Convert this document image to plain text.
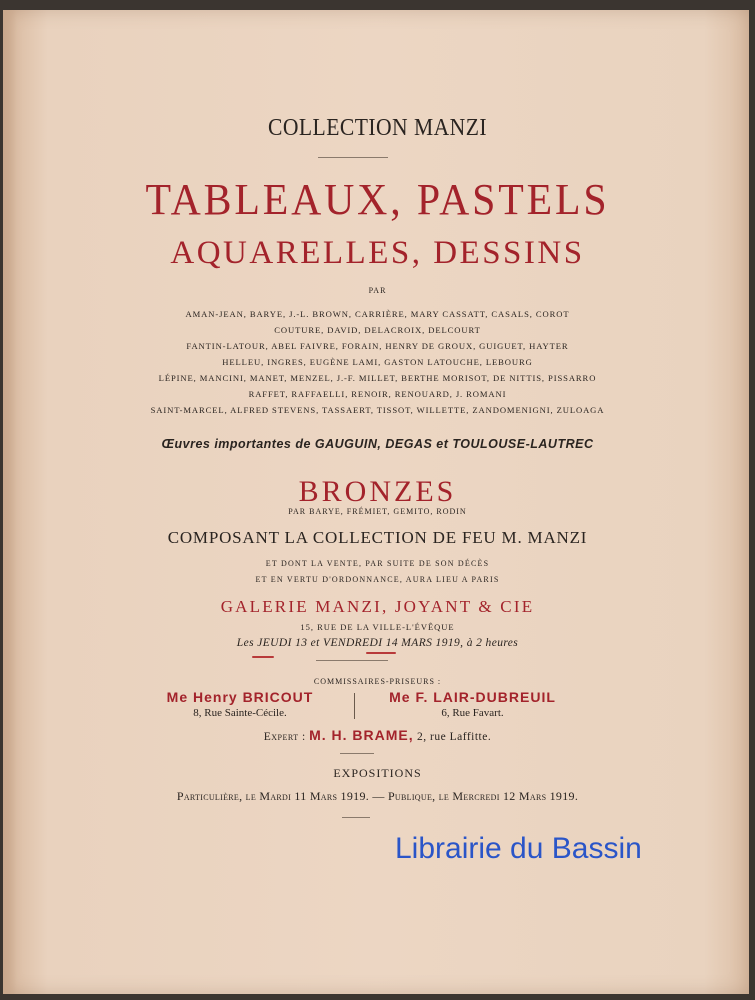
COLLECTION MANZI
TABLEAUX, PASTELS
AQUARELLES, DESSINS
PAR
AMAN-JEAN, BARYE, J.-L. BROWN, CARRIÈRE, MARY CASSATT, CASALS, COROT
COUTURE, DAVID, DELACROIX, DELCOURT
FANTIN-LATOUR, ABEL FAIVRE, FORAIN, HENRY DE GROUX, GUIGUET, HAYTER
HELLEU, INGRES, EUGÈNE LAMI, GASTON LATOUCHE, LEBOURG
LÉPINE, MANCINI, MANET, MENZEL, J.-F. MILLET, BERTHE MORISOT, DE NITTIS, PISSARRO
RAFFET, RAFFAELLI, RENOIR, RENOUARD, J. ROMANI
SAINT-MARCEL, ALFRED STEVENS, TASSAERT, TISSOT, WILLETTE, ZANDOMENIGNI, ZULOAGA
Œuvres importantes de GAUGUIN, DEGAS et TOULOUSE-LAUTREC
BRONZES
PAR BARYE, FRÉMIET, GEMITO, RODIN
COMPOSANT LA COLLECTION DE FEU M. MANZI
ET DONT LA VENTE, PAR SUITE DE SON DÉCÈS
ET EN VERTU D'ORDONNANCE, AURA LIEU A PARIS
GALERIE MANZI, JOYANT & CIE
15, RUE DE LA VILLE-L'ÉVÊQUE
Les JEUDI 13 et VENDREDI 14 MARS 1919, à 2 heures
COMMISSAIRES-PRISEURS :
Me Henry BRICOUT
8, Rue Sainte-Cécile.
Me F. LAIR-DUBREUIL
6, Rue Favart.
Expert : M. H. BRAME, 2, rue Laffitte.
EXPOSITIONS
Particulière, le Mardi 11 Mars 1919. — Publique, le Mercredi 12 Mars 1919.
Librairie du Bassin
